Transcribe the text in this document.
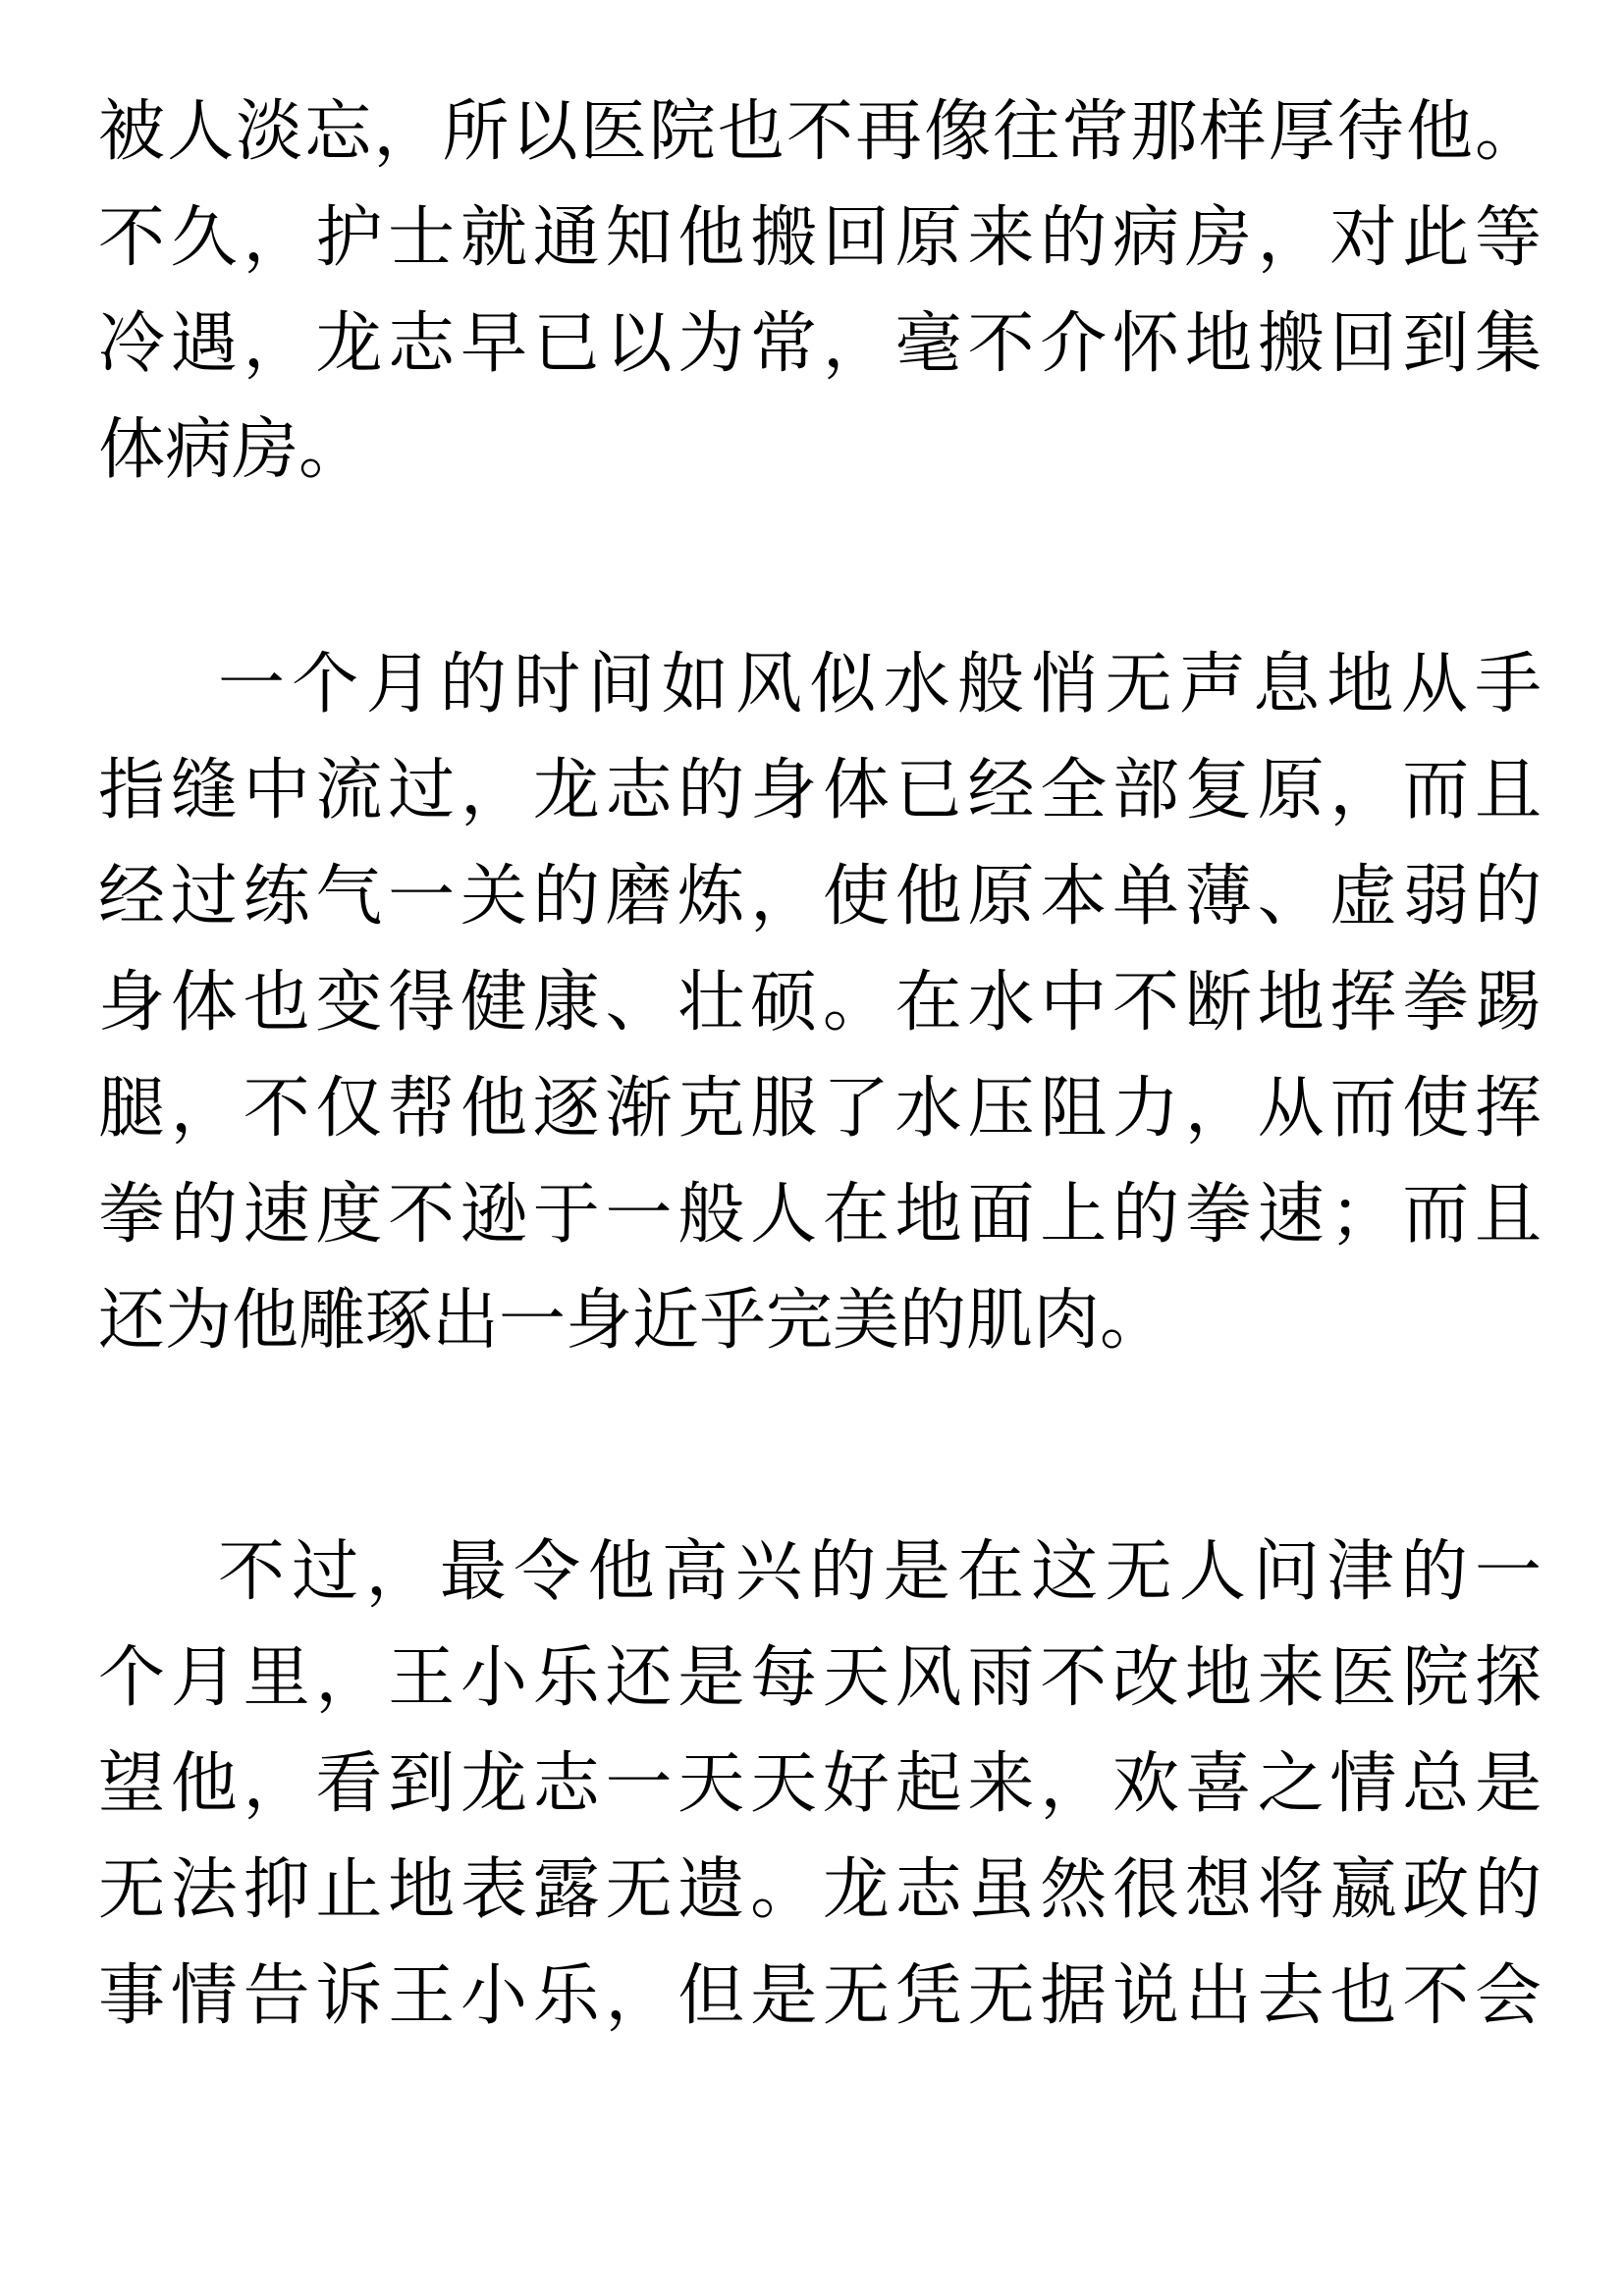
被人淡忘，所以医院也不再像往常那样厚待他。
不久，护士就通知他搬回原来的病房，对此等
冷遇，龙志早已以为常，毫不介怀地搬回到集
体病房。
一个月的时间如风似水般悄无声息地从手
指缝中流过，龙志的身体已经全部复原，而且
经过练气一关的磨炼，使他原本单薄、虚弱的
身体也变得健康、壮硕。在水中不断地挥拳踢
腿，不仅帮他逐渐克服了水压阻力，从而使挥
拳的速度不逊于一般人在地面上的拳速；而且
还为他雕琢出一身近乎完美的肌肉。
不过，最令他高兴的是在这无人问津的一
个月里，王小乐还是每天风雨不改地来医院探
望他，看到龙志一天天好起来，欢喜之情总是
无法抑止地表露无遗。龙志虽然很想将嬴政的
事情告诉王小乐，但是无凭无据说出去也不会
